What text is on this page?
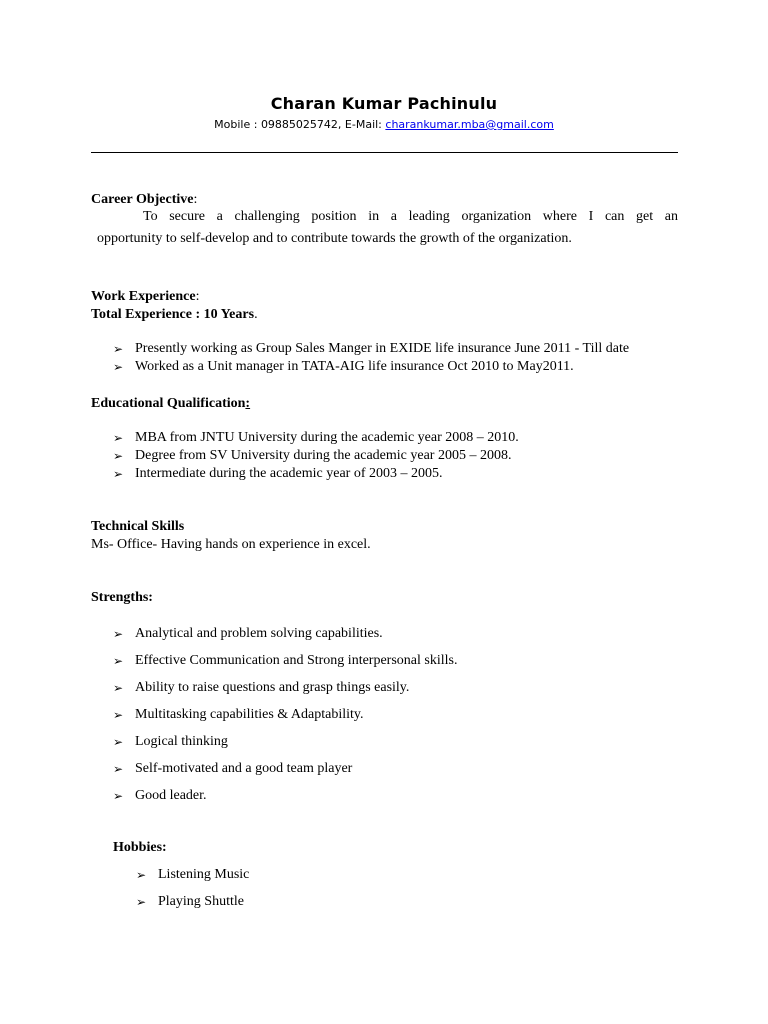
Charan Kumar Pachinulu
Mobile : 09885025742, E-Mail: charankumar.mba@gmail.com
Career Objective:
To secure a challenging position in a leading organization where I can get an
opportunity to self-develop and to contribute towards the growth of the organization.
Work Experience:
Total Experience : 10 Years.
➢ Presently working as Group Sales Manger in EXIDE life insurance June 2011 - Till date
➢ Worked as a Unit manager in TATA-AIG life insurance Oct 2010 to May2011.
Educational Qualification:
➢ MBA from JNTU University during the academic year 2008 – 2010.
➢ Degree from SV University during the academic year 2005 – 2008.
➢ Intermediate during the academic year of 2003 – 2005.
Technical Skills
Ms- Office- Having hands on experience in excel.
Strengths:
➢ Analytical and problem solving capabilities.
➢ Effective Communication and Strong interpersonal skills.
➢ Ability to raise questions and grasp things easily.
➢ Multitasking capabilities & Adaptability.
➢ Logical thinking
➢ Self-motivated and a good team player
➢ Good leader.
Hobbies:
➢ Listening Music
➢ Playing Shuttle
